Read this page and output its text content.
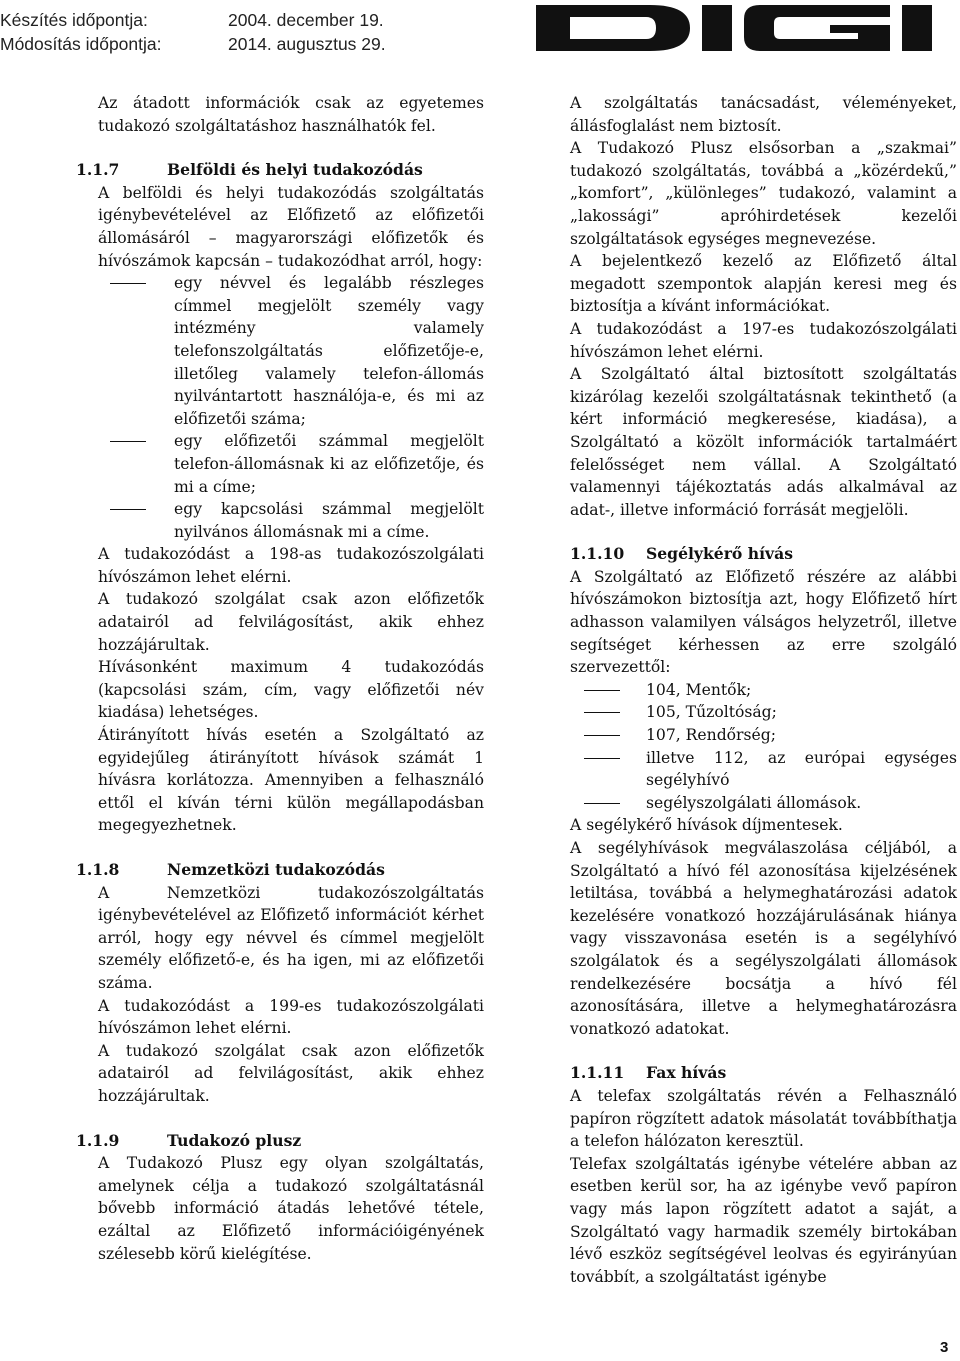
Készítés időpontja:	2004. december 19.
Módosítás időpontja:	2014. augusztus 29.

Az átadott információk csak az egyetemes tudakozó szolgáltatáshoz használhatók fel.

1.1.7	Belföldi és helyi tudakozódás

A belföldi és helyi tudakozódás szolgáltatás igénybevételével az Előfizető az előfizetői állomásáról – magyarországi előfizetők és hívószámok kapcsán – tudakozódhat arról, hogy:

egy névvel és legalább részleges címmel megjelölt személy vagy intézmény valamely telefonszolgáltatás előfizetője-e, illetőleg valamely telefon-állomás nyilvántartott használója-e, és mi az előfizetői száma;
egy előfizetői számmal megjelölt telefon-állomásnak ki az előfizetője, és mi a címe;
egy kapcsolási számmal megjelölt nyilvános állomásnak mi a címe.

A tudakozódást a 198-as tudakozószolgálati hívószámon lehet elérni.

A tudakozó szolgálat csak azon előfizetők adatairól ad felvilágosítást, akik ehhez hozzájárultak.

Hívásonként maximum 4 tudakozódás (kapcsolási szám, cím, vagy előfizetői név kiadása) lehetséges.

Átirányított hívás esetén a Szolgáltató az egyidejűleg átirányított hívások számát 1 hívásra korlátozza. Amennyiben a felhasználó ettől el kíván térni külön megállapodásban megegyezhetnek.

1.1.8	Nemzetközi tudakozódás

A Nemzetközi tudakozószolgáltatás igénybevételével az Előfizető információt kérhet arról, hogy egy névvel és címmel megjelölt személy előfizető-e, és ha igen, mi az előfizetői száma.

A tudakozódást a 199-es tudakozószolgálati hívószámon lehet elérni.

A tudakozó szolgálat csak azon előfizetők adatairól ad felvilágosítást, akik ehhez hozzájárultak.

1.1.9	Tudakozó plusz

A Tudakozó Plusz egy olyan szolgáltatás, amelynek célja a tudakozó szolgáltatásnál bővebb információ átadás lehetővé tétele, ezáltal az Előfizető információigényének szélesebb körű kielégítése.

A szolgáltatás tanácsadást, véleményeket, állásfoglalást nem biztosít.

A Tudakozó Plusz elsősorban a „szakmai” tudakozó szolgáltatás, továbbá a „közérdekű,” „komfort”, „különleges” tudakozó, valamint a „lakossági” apróhirdetések kezelői szolgáltatások egységes megnevezése.

A bejelentkező kezelő az Előfizető által megadott szempontok alapján keresi meg és biztosítja a kívánt információkat.

A tudakozódást a 197-es tudakozószolgálati hívószámon lehet elérni.

A Szolgáltató által biztosított szolgáltatás kizárólag kezelői szolgáltatásnak tekinthető (a kért információ megkeresése, kiadása), a Szolgáltató a közölt információk tartalmáért felelősséget nem vállal. A Szolgáltató valamennyi tájékoztatás adás alkalmával az adat-, illetve információ forrását megjelöli.

1.1.10 Segélykérő hívás

A Szolgáltató az Előfizető részére az alábbi hívószámokon biztosítja azt, hogy Előfizető hírt adhasson valamilyen válságos helyzetről, illetve segítséget kérhessen az erre szolgáló szervezettől:

104, Mentők;
105, Tűzoltóság;
107, Rendőrség;
illetve 112, az európai egységes segélyhívó
segélyszolgálati állomások.

A segélykérő hívások díjmentesek.

A segélyhívások megválaszolása céljából, a Szolgáltató a hívó fél azonosítása kijelzésének letiltása, továbbá a helymeghatározási adatok kezelésére vonatkozó hozzájárulásának hiánya vagy visszavonása esetén is a segélyhívó szolgálatok és a segélyszolgálati állomások rendelkezésére bocsátja a hívó fél azonosítására, illetve a helymeghatározásra vonatkozó adatokat.

1.1.11 Fax hívás

A telefax szolgáltatás révén a Felhasználó papíron rögzített adatok másolatát továbbíthatja a telefon hálózaton keresztül.

Telefax szolgáltatás igénybe vételére abban az esetben kerül sor, ha az igénybe vevő papíron vagy más lapon rögzített adatot a saját, a Szolgáltató vagy harmadik személy birtokában lévő eszköz segítségével leolvas és egyirányúan továbbít, a szolgáltatást igénybe

3
